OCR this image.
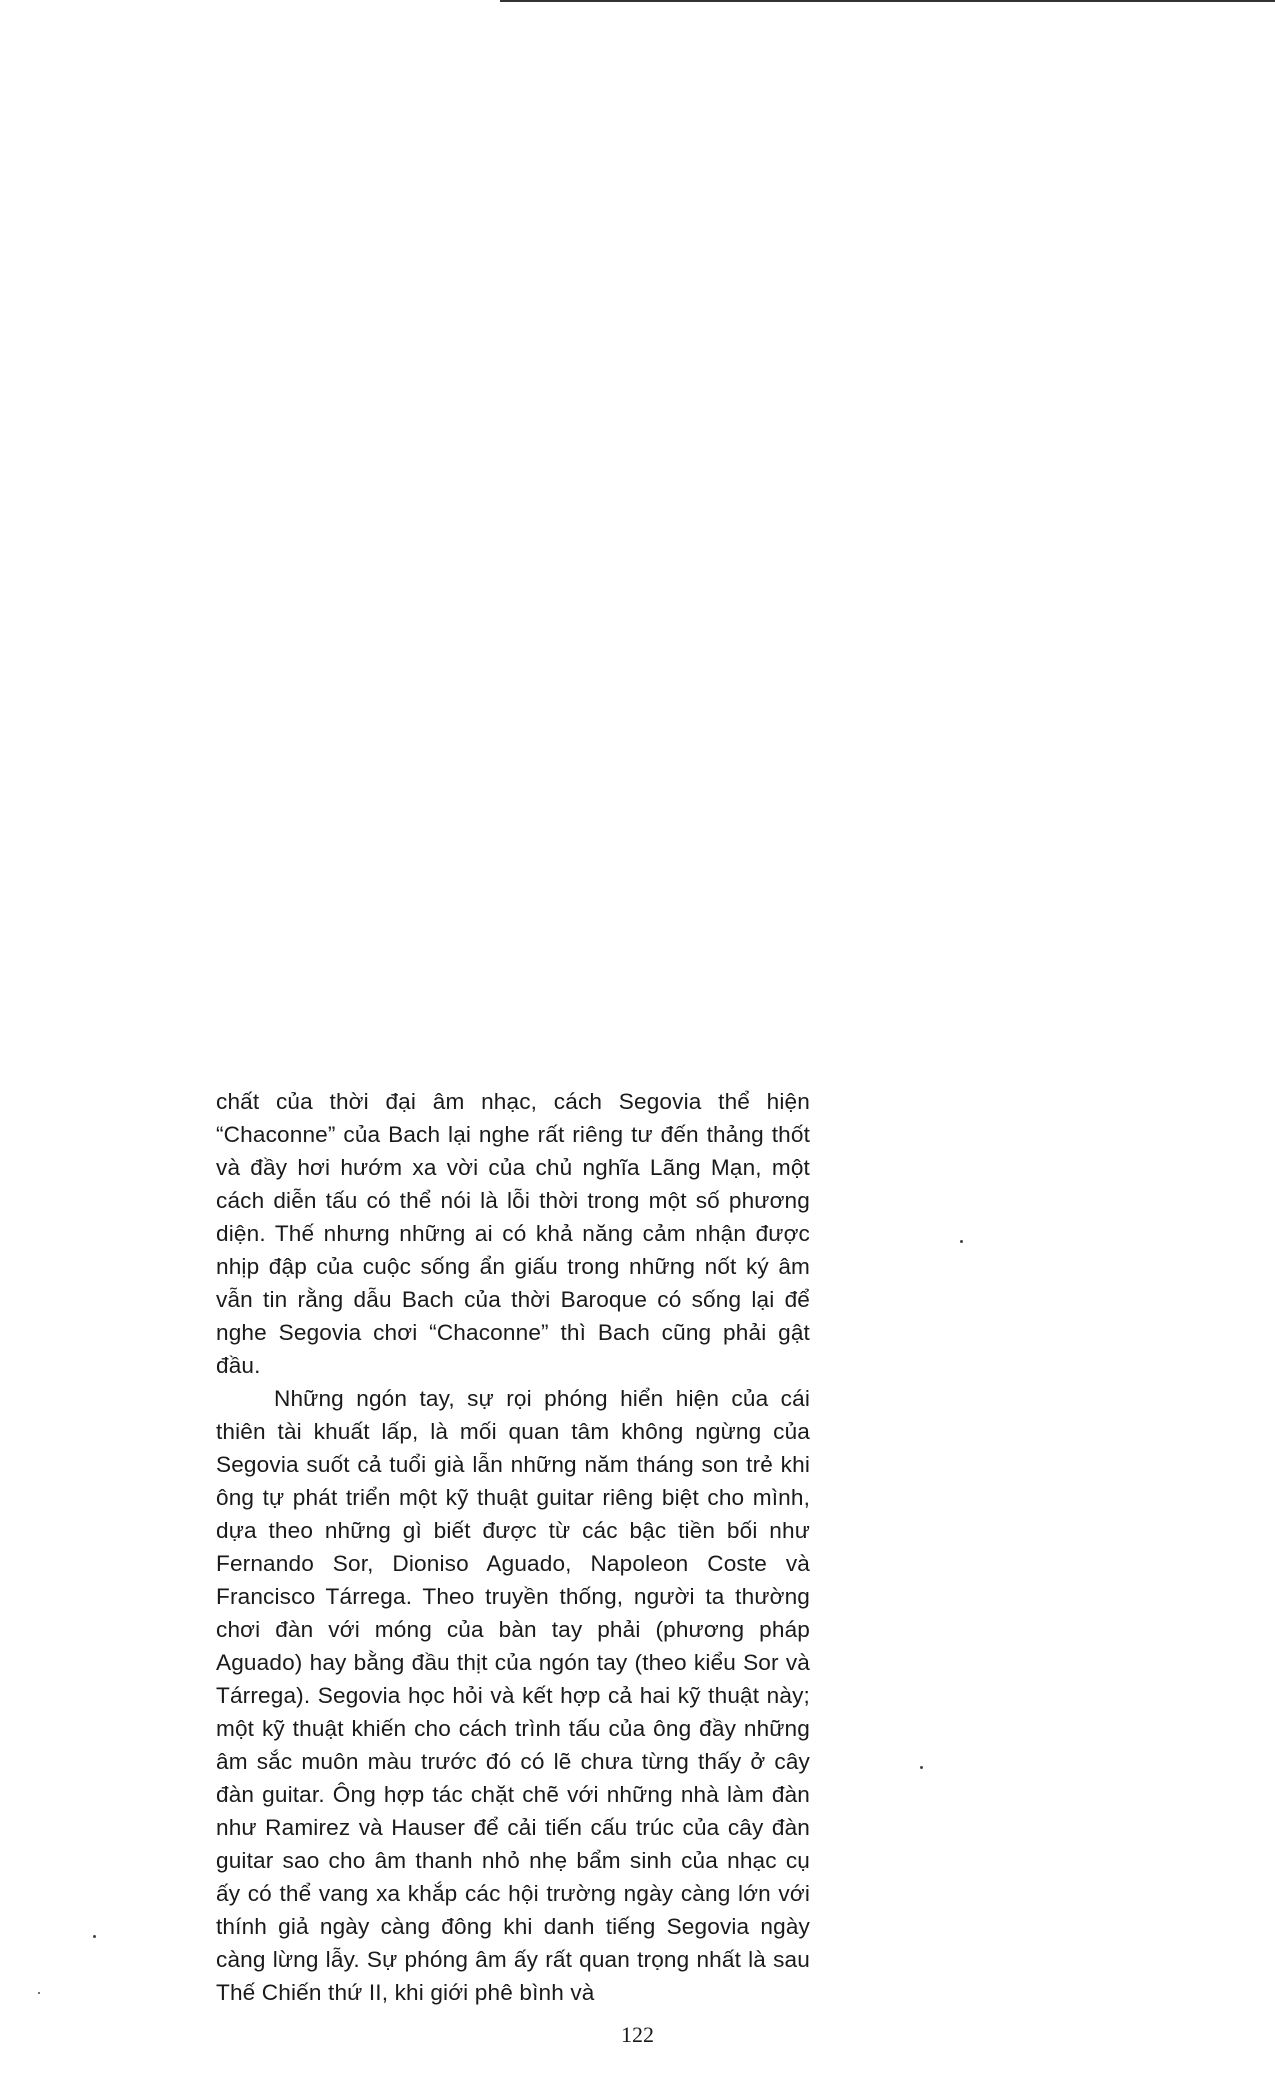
chất của thời đại âm nhạc, cách Segovia thể hiện “Chaconne” của Bach lại nghe rất riêng tư đến thảng thốt và đầy hơi hướm xa vời của chủ nghĩa Lãng Mạn, một cách diễn tấu có thể nói là lỗi thời trong một số phương diện. Thế nhưng những ai có khả năng cảm nhận được nhịp đập của cuộc sống ẩn giấu trong những nốt ký âm vẫn tin rằng dẫu Bach của thời Baroque có sống lại để nghe Segovia chơi “Chaconne” thì Bach cũng phải gật đầu.

Những ngón tay, sự rọi phóng hiển hiện của cái thiên tài khuất lấp, là mối quan tâm không ngừng của Segovia suốt cả tuổi già lẫn những năm tháng son trẻ khi ông tự phát triển một kỹ thuật guitar riêng biệt cho mình, dựa theo những gì biết được từ các bậc tiền bối như Fernando Sor, Dioniso Aguado, Napoleon Coste và Francisco Tárrega. Theo truyền thống, người ta thường chơi đàn với móng của bàn tay phải (phương pháp Aguado) hay bằng đầu thịt của ngón tay (theo kiểu Sor và Tárrega). Segovia học hỏi và kết hợp cả hai kỹ thuật này; một kỹ thuật khiến cho cách trình tấu của ông đầy những âm sắc muôn màu trước đó có lẽ chưa từng thấy ở cây đàn guitar. Ông hợp tác chặt chẽ với những nhà làm đàn như Ramirez và Hauser để cải tiến cấu trúc của cây đàn guitar sao cho âm thanh nhỏ nhẹ bẩm sinh của nhạc cụ ấy có thể vang xa khắp các hội trường ngày càng lớn với thính giả ngày càng đông khi danh tiếng Segovia ngày càng lừng lẫy. Sự phóng âm ấy rất quan trọng nhất là sau Thế Chiến thứ II, khi giới phê bình và

122
